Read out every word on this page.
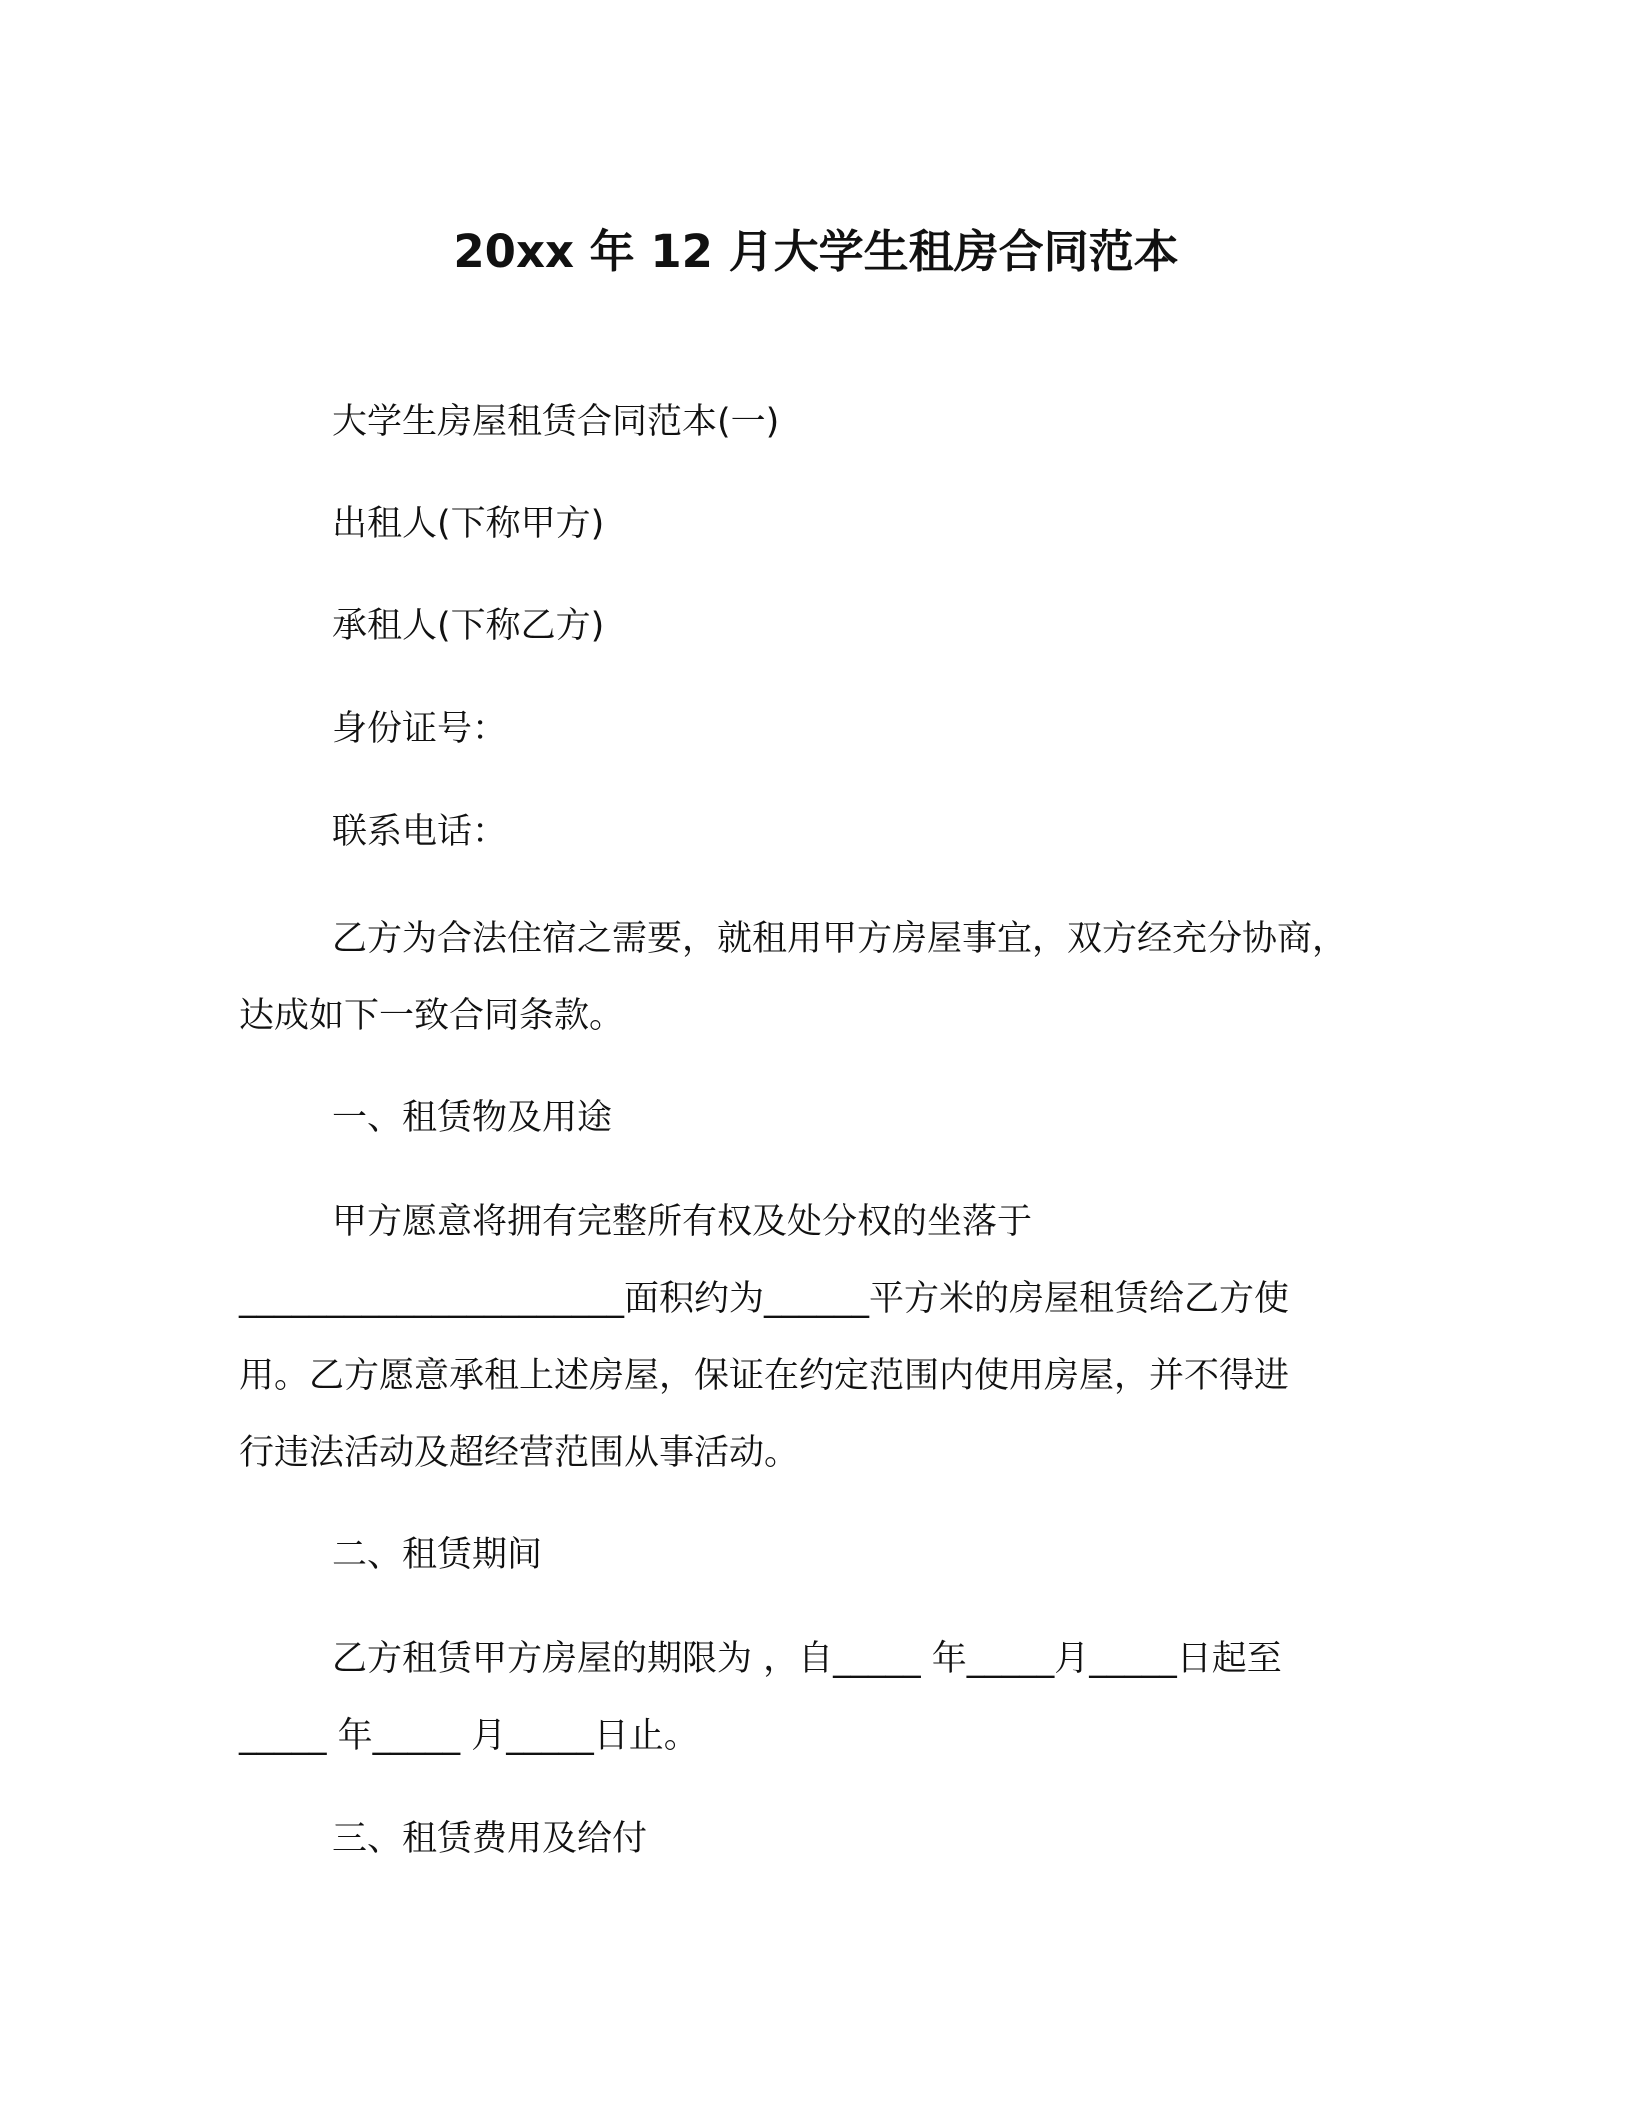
20xx 年 12 月大学生租房合同范本
大学生房屋租赁合同范本(一)
出租人(下称甲方)
承租人(下称乙方)
身份证号：
联系电话：
乙方为合法住宿之需要，就租用甲方房屋事宜，双方经充分协商，
达成如下一致合同条款。
一、租赁物及用途
甲方愿意将拥有完整所有权及处分权的坐落于
______________________面积约为______平方米的房屋租赁给乙方使
用。乙方愿意承租上述房屋，保证在约定范围内使用房屋，并不得进
行违法活动及超经营范围从事活动。
二、租赁期间
乙方租赁甲方房屋的期限为 ，自_____ 年_____月_____日起至
_____ 年_____ 月_____日止。
三、租赁费用及给付
